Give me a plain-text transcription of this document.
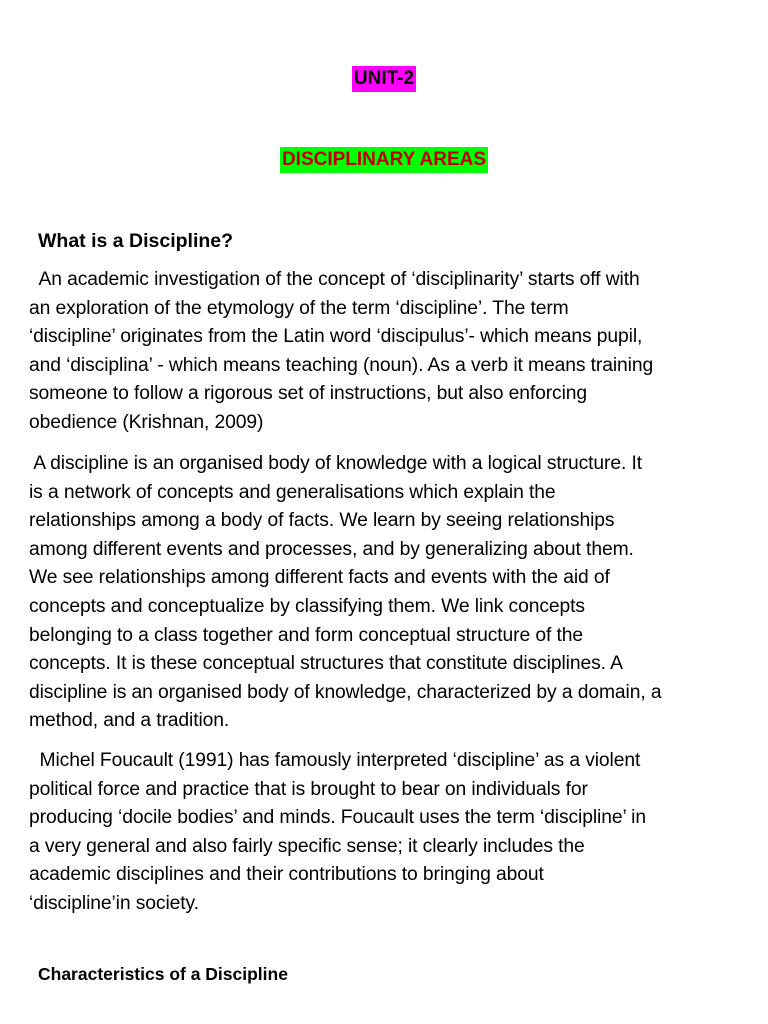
UNIT-2
DISCIPLINARY AREAS
What is a Discipline?

An academic investigation of the concept of ‘disciplinarity’ starts off with
an exploration of the etymology of the term ‘discipline’. The term
‘discipline’ originates from the Latin word ‘discipulus’- which means pupil,
and ‘disciplina’ - which means teaching (noun). As a verb it means training
someone to follow a rigorous set of instructions, but also enforcing
obedience (Krishnan, 2009)

A discipline is an organised body of knowledge with a logical structure. It
is a network of concepts and generalisations which explain the
relationships among a body of facts. We learn by seeing relationships
among different events and processes, and by generalizing about them.
We see relationships among different facts and events with the aid of
concepts and conceptualize by classifying them. We link concepts
belonging to a class together and form conceptual structure of the
concepts. It is these conceptual structures that constitute disciplines. A
discipline is an organised body of knowledge, characterized by a domain, a
method, and a tradition.

Michel Foucault (1991) has famously interpreted ‘discipline’ as a violent
political force and practice that is brought to bear on individuals for
producing ‘docile bodies’ and minds. Foucault uses the term ‘discipline’ in
a very general and also fairly specific sense; it clearly includes the
academic disciplines and their contributions to bringing about
‘discipline’in society.

Characteristics of a Discipline
